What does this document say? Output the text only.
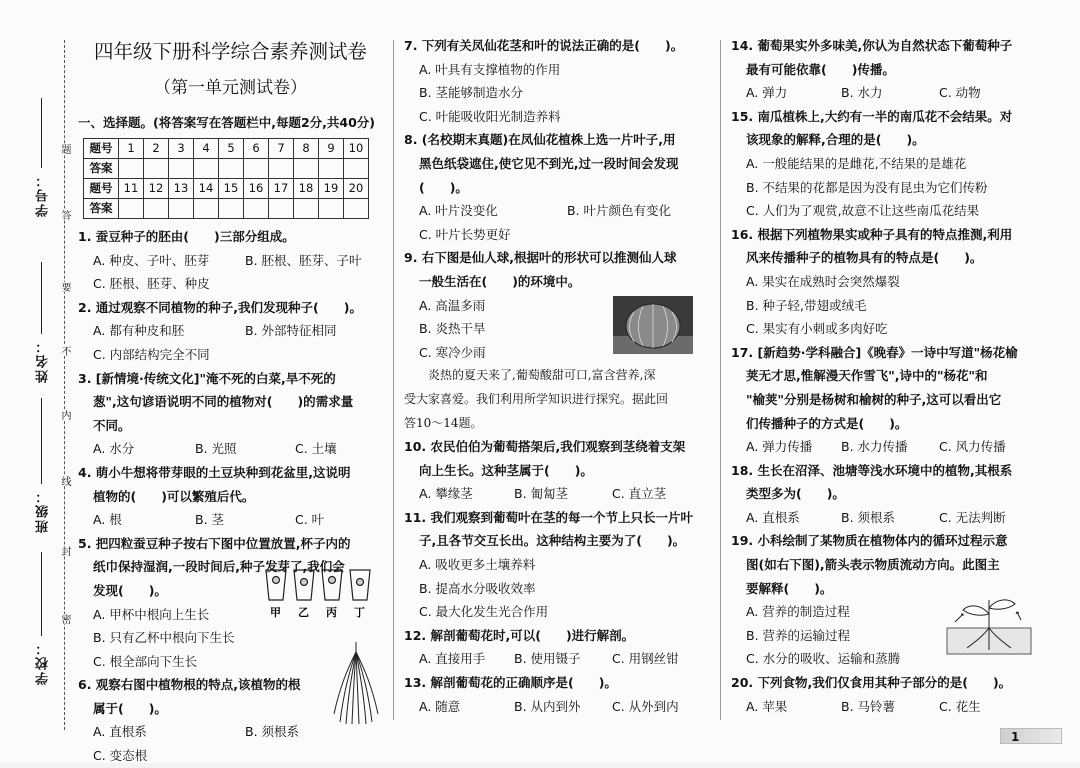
学号：
姓名：
班级：
学校：
题
答
要
不
内
线
封
密
四年级下册科学综合素养测试卷
（第一单元测试卷）
一、选择题。(将答案写在答题栏中,每题2分,共40分)
题号	1	2	3	4	5	6	7	8	9	10
答案										
题号	11	12	13	14	15	16	17	18	19	20
答案										
1. 蚕豆种子的胚由(　　)三部分组成。
A. 种皮、子叶、胚芽	B. 胚根、胚芽、子叶
C. 胚根、胚芽、种皮
2. 通过观察不同植物的种子,我们发现种子(　　)。
A. 都有种皮和胚	B. 外部特征相同
C. 内部结构完全不同
3. [新情境·传统文化]"淹不死的白菜,旱不死的
葱",这句谚语说明不同的植物对(　　)的需求量
不同。
A. 水分	B. 光照	C. 土壤
4. 萌小牛想将带芽眼的土豆块种到花盆里,这说明
植物的(　　)可以繁殖后代。
A. 根	B. 茎	C. 叶
5. 把四粒蚕豆种子按右下图中位置放置,杯子内的
纸巾保持湿润,一段时间后,种子发芽了,我们会
发现(　　)。
A. 甲杯中根向上生长
B. 只有乙杯中根向下生长
C. 根全部向下生长
6. 观察右图中植物根的特点,该植物的根
属于(　　)。
A. 直根系	B. 须根系
C. 变态根
甲 乙 丙 丁
7. 下列有关凤仙花茎和叶的说法正确的是(　　)。
A. 叶具有支撑植物的作用
B. 茎能够制造水分
C. 叶能吸收阳光制造养料
8. (名校期末真题)在凤仙花植株上选一片叶子,用
黑色纸袋遮住,使它见不到光,过一段时间会发现
(　　)。
A. 叶片没变化	B. 叶片颜色有变化
C. 叶片长势更好
9. 右下图是仙人球,根据叶的形状可以推测仙人球
一般生活在(　　)的环境中。
A. 高温多雨
B. 炎热干旱
C. 寒冷少雨
炎热的夏天来了,葡萄酸甜可口,富含营养,深
受大家喜爱。我们利用所学知识进行探究。据此回
答10～14题。
10. 农民伯伯为葡萄搭架后,我们观察到茎绕着支架
向上生长。这种茎属于(　　)。
A. 攀缘茎	B. 匍匐茎	C. 直立茎
11. 我们观察到葡萄叶在茎的每一个节上只长一片叶
子,且各节交互长出。这种结构主要为了(　　)。
A. 吸收更多土壤养料
B. 提高水分吸收效率
C. 最大化发生光合作用
12. 解剖葡萄花时,可以(　　)进行解剖。
A. 直接用手	B. 使用镊子	C. 用钢丝钳
13. 解剖葡萄花的正确顺序是(　　)。
A. 随意	B. 从内到外	C. 从外到内
14. 葡萄果实外多味美,你认为自然状态下葡萄种子
最有可能依靠(　　)传播。
A. 弹力	B. 水力	C. 动物
15. 南瓜植株上,大约有一半的南瓜花不会结果。对
该现象的解释,合理的是(　　)。
A. 一般能结果的是雌花,不结果的是雄花
B. 不结果的花都是因为没有昆虫为它们传粉
C. 人们为了观赏,故意不让这些南瓜花结果
16. 根据下列植物果实或种子具有的特点推测,利用
风来传播种子的植物具有的特点是(　　)。
A. 果实在成熟时会突然爆裂
B. 种子轻,带翅或绒毛
C. 果实有小刺或多肉好吃
17. [新趋势·学科融合]《晚春》一诗中写道"杨花榆
荚无才思,惟解漫天作雪飞",诗中的"杨花"和
"榆荚"分别是杨树和榆树的种子,这可以看出它
们传播种子的方式是(　　)。
A. 弹力传播	B. 水力传播	C. 风力传播
18. 生长在沼泽、池塘等浅水环境中的植物,其根系
类型多为(　　)。
A. 直根系	B. 须根系	C. 无法判断
19. 小科绘制了某物质在植物体内的循环过程示意
图(如右下图),箭头表示物质流动方向。此图主
要解释(　　)。
A. 营养的制造过程
B. 营养的运输过程
C. 水分的吸收、运输和蒸腾
20. 下列食物,我们仅食用其种子部分的是(　　)。
A. 苹果	B. 马铃薯	C. 花生
1
